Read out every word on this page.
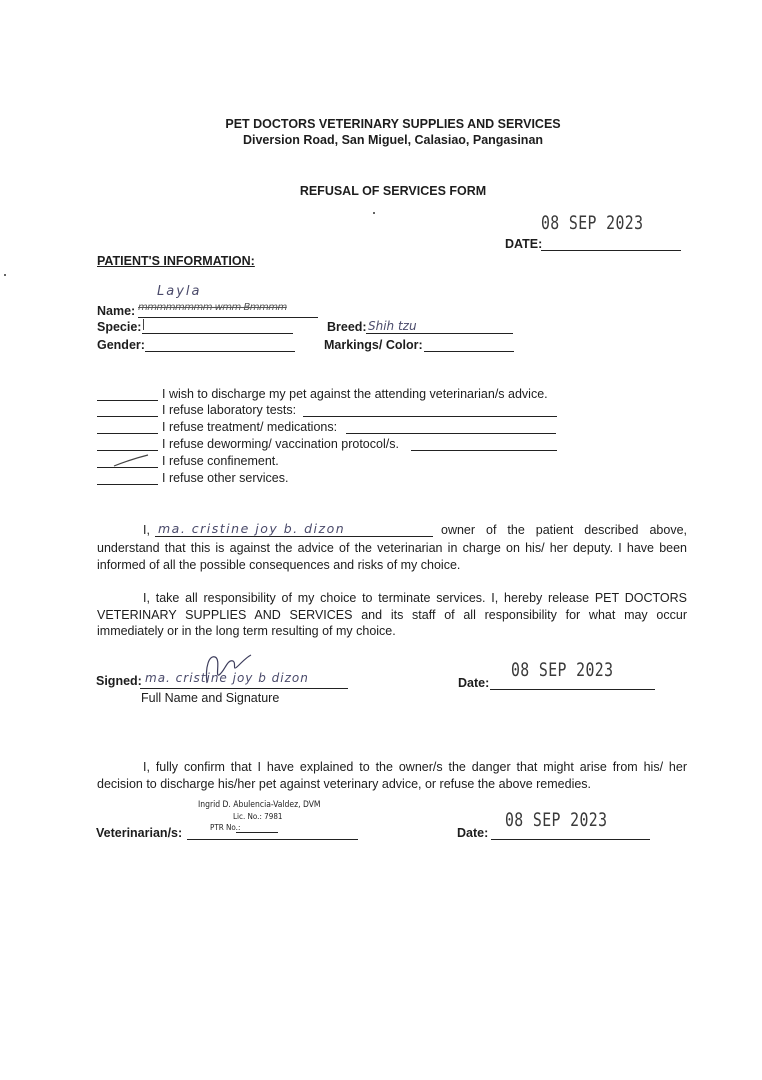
PET DOCTORS VETERINARY SUPPLIES AND SERVICES
Diversion Road, San Miguel, Calasiao, Pangasinan
REFUSAL OF SERVICES FORM
08 SEP 2023
DATE:
PATIENT'S INFORMATION:
Layla
Name: mmmmmmmm wmm Bmmmm
Specie:	Breed: Shih tzu
Gender:	Markings/ Color:
I wish to discharge my pet against the attending veterinarian/s advice.
I refuse laboratory tests:
I refuse treatment/ medications:
I refuse deworming/ vaccination protocol/s.
I refuse confinement.
I refuse other services.
I, ma. cristine joy b. dizon	owner of the patient described above,
understand that this is against the advice of the veterinarian in charge on his/ her deputy. I have been informed of all the possible consequences and risks of my choice.
I, take all responsibility of my choice to terminate services. I, hereby release PET DOCTORS VETERINARY SUPPLIES AND SERVICES and its staff of all responsibility for what may occur immediately or in the long term resulting of my choice.
Signed: ma. cristine joy b dizon
Full Name and Signature
08 SEP 2023
Date:
I, fully confirm that I have explained to the owner/s the danger that might arise from his/ her decision to discharge his/her pet against veterinary advice, or refuse the above remedies.
Ingrid D. Abulencia-Valdez, DVM
Lic. No.: 7981
PTR No.:
Veterinarian/s:
08 SEP 2023
Date:
